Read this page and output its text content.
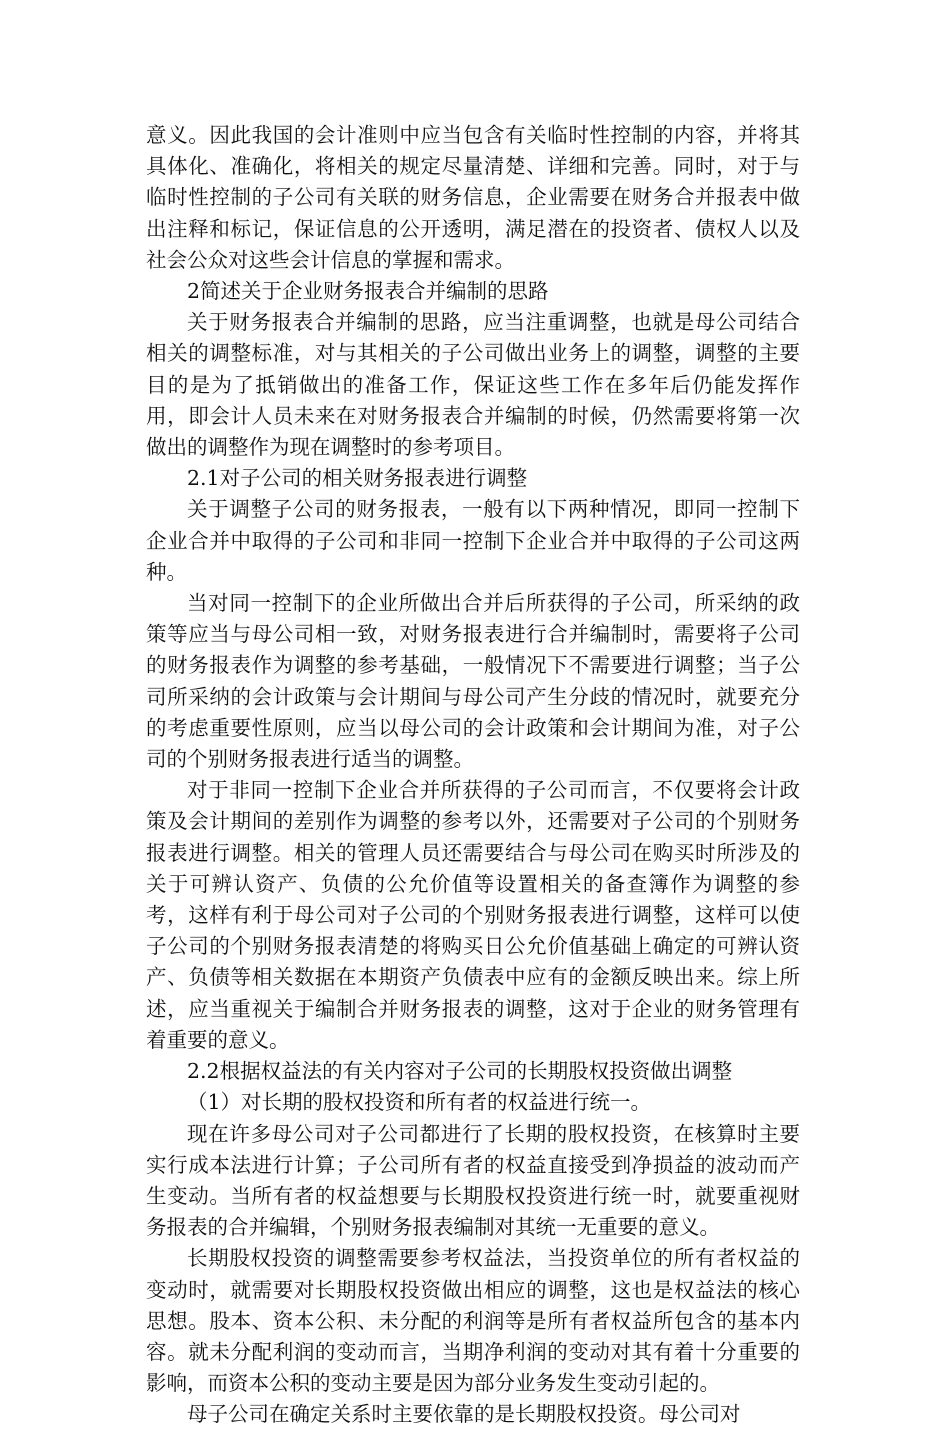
意义。因此我国的会计准则中应当包含有关临时性控制的内容，并将其具体化、准确化，将相关的规定尽量清楚、详细和完善。同时，对于与临时性控制的子公司有关联的财务信息，企业需要在财务合并报表中做出注释和标记，保证信息的公开透明，满足潜在的投资者、债权人以及社会公众对这些会计信息的掌握和需求。

2简述关于企业财务报表合并编制的思路

关于财务报表合并编制的思路，应当注重调整，也就是母公司结合相关的调整标准，对与其相关的子公司做出业务上的调整，调整的主要目的是为了抵销做出的准备工作，保证这些工作在多年后仍能发挥作用，即会计人员未来在对财务报表合并编制的时候，仍然需要将第一次做出的调整作为现在调整时的参考项目。

2.1对子公司的相关财务报表进行调整

关于调整子公司的财务报表，一般有以下两种情况，即同一控制下企业合并中取得的子公司和非同一控制下企业合并中取得的子公司这两种。

当对同一控制下的企业所做出合并后所获得的子公司，所采纳的政策等应当与母公司相一致，对财务报表进行合并编制时，需要将子公司的财务报表作为调整的参考基础，一般情况下不需要进行调整；当子公司所采纳的会计政策与会计期间与母公司产生分歧的情况时，就要充分的考虑重要性原则，应当以母公司的会计政策和会计期间为准，对子公司的个别财务报表进行适当的调整。

对于非同一控制下企业合并所获得的子公司而言，不仅要将会计政策及会计期间的差别作为调整的参考以外，还需要对子公司的个别财务报表进行调整。相关的管理人员还需要结合与母公司在购买时所涉及的关于可辨认资产、负债的公允价值等设置相关的备查簿作为调整的参考，这样有利于母公司对子公司的个别财务报表进行调整，这样可以使子公司的个别财务报表清楚的将购买日公允价值基础上确定的可辨认资产、负债等相关数据在本期资产负债表中应有的金额反映出来。综上所述，应当重视关于编制合并财务报表的调整，这对于企业的财务管理有着重要的意义。

2.2根据权益法的有关内容对子公司的长期股权投资做出调整

（1）对长期的股权投资和所有者的权益进行统一。

现在许多母公司对子公司都进行了长期的股权投资，在核算时主要实行成本法进行计算；子公司所有者的权益直接受到净损益的波动而产生变动。当所有者的权益想要与长期股权投资进行统一时，就要重视财务报表的合并编辑，个别财务报表编制对其统一无重要的意义。

长期股权投资的调整需要参考权益法，当投资单位的所有者权益的变动时，就需要对长期股权投资做出相应的调整，这也是权益法的核心思想。股本、资本公积、未分配的利润等是所有者权益所包含的基本内容。就未分配利润的变动而言，当期净利润的变动对其有着十分重要的影响，而资本公积的变动主要是因为部分业务发生变动引起的。

母子公司在确定关系时主要依靠的是长期股权投资。母公司对
